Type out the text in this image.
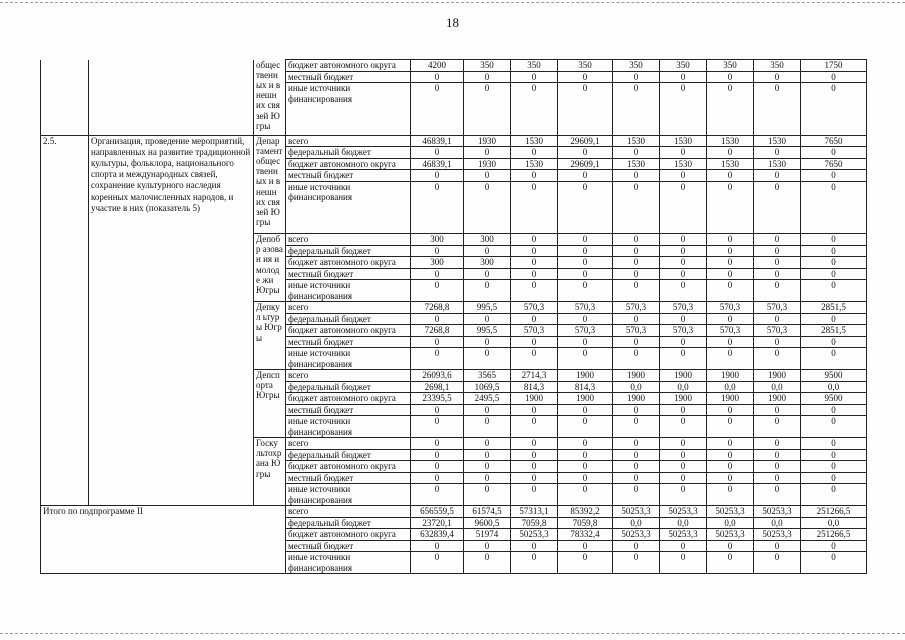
18
		общес твенн ых и внешн их связей Югры	бюджет автономного округа	4200	350	350	350	350	350	350	350	1750
			местный бюджет	0	0	0	0	0	0	0	0	0
			иные источники финансирования	0	0	0	0	0	0	0	0	0
2.5.	Организация, проведение мероприятий, направленных на развитие традиционной культуры, фольклора, национального спорта и международных связей, сохранение культурного наследия коренных малочисленных народов, и участие в них (показатель 5)	Депар тамент общес твенн ых и внешн их связей Югры	всего	46839,1	1930	1530	29609,1	1530	1530	1530	1530	7650
			федеральный бюджет	0	0	0	0	0	0	0	0	0
			бюджет автономного округа	46839,1	1930	1530	29609,1	1530	1530	1530	1530	7650
			местный бюджет	0	0	0	0	0	0	0	0	0
			иные источники финансирования	0	0	0	0	0	0	0	0	0
		Депобр азован ия и молоде жи Югры	всего	300	300	0	0	0	0	0	0	0
			федеральный бюджет	0	0	0	0	0	0	0	0	0
			бюджет автономного округа	300	300	0	0	0	0	0	0	0
			местный бюджет	0	0	0	0	0	0	0	0	0
			иные источники финансирования	0	0	0	0	0	0	0	0	0
		Депкул ьтуры Югры	всего	7268,8	995,5	570,3	570,3	570,3	570,3	570,3	570,3	2851,5
			федеральный бюджет	0	0	0	0	0	0	0	0	0
			бюджет автономного округа	7268,8	995,5	570,3	570,3	570,3	570,3	570,3	570,3	2851,5
			местный бюджет	0	0	0	0	0	0	0	0	0
			иные источники финансирования	0	0	0	0	0	0	0	0	0
		Депсп орта Югры	всего	26093,6	3565	2714,3	1900	1900	1900	1900	1900	9500
			федеральный бюджет	2698,1	1069,5	814,3	814,3	0,0	0,0	0,0	0,0	0,0
			бюджет автономного округа	23395,5	2495,5	1900	1900	1900	1900	1900	1900	9500
			местный бюджет	0	0	0	0	0	0	0	0	0
			иные источники финансирования	0	0	0	0	0	0	0	0	0
		Госку льтохр ана Югры	всего	0	0	0	0	0	0	0	0	0
			федеральный бюджет	0	0	0	0	0	0	0	0	0
			бюджет автономного округа	0	0	0	0	0	0	0	0	0
			местный бюджет	0	0	0	0	0	0	0	0	0
			иные источники финансирования	0	0	0	0	0	0	0	0	0
Итого по подпрограмме II			всего	656559,5	61574,5	57313,1	85392,2	50253,3	50253,3	50253,3	50253,3	251266,5
			федеральный бюджет	23720,1	9600,5	7059,8	7059,8	0,0	0,0	0,0	0,0	0,0
			бюджет автономного округа	632839,4	51974	50253,3	78332,4	50253,3	50253,3	50253,3	50253,3	251266,5
			местный бюджет	0	0	0	0	0	0	0	0	0
			иные источники финансирования	0	0	0	0	0	0	0	0	0
